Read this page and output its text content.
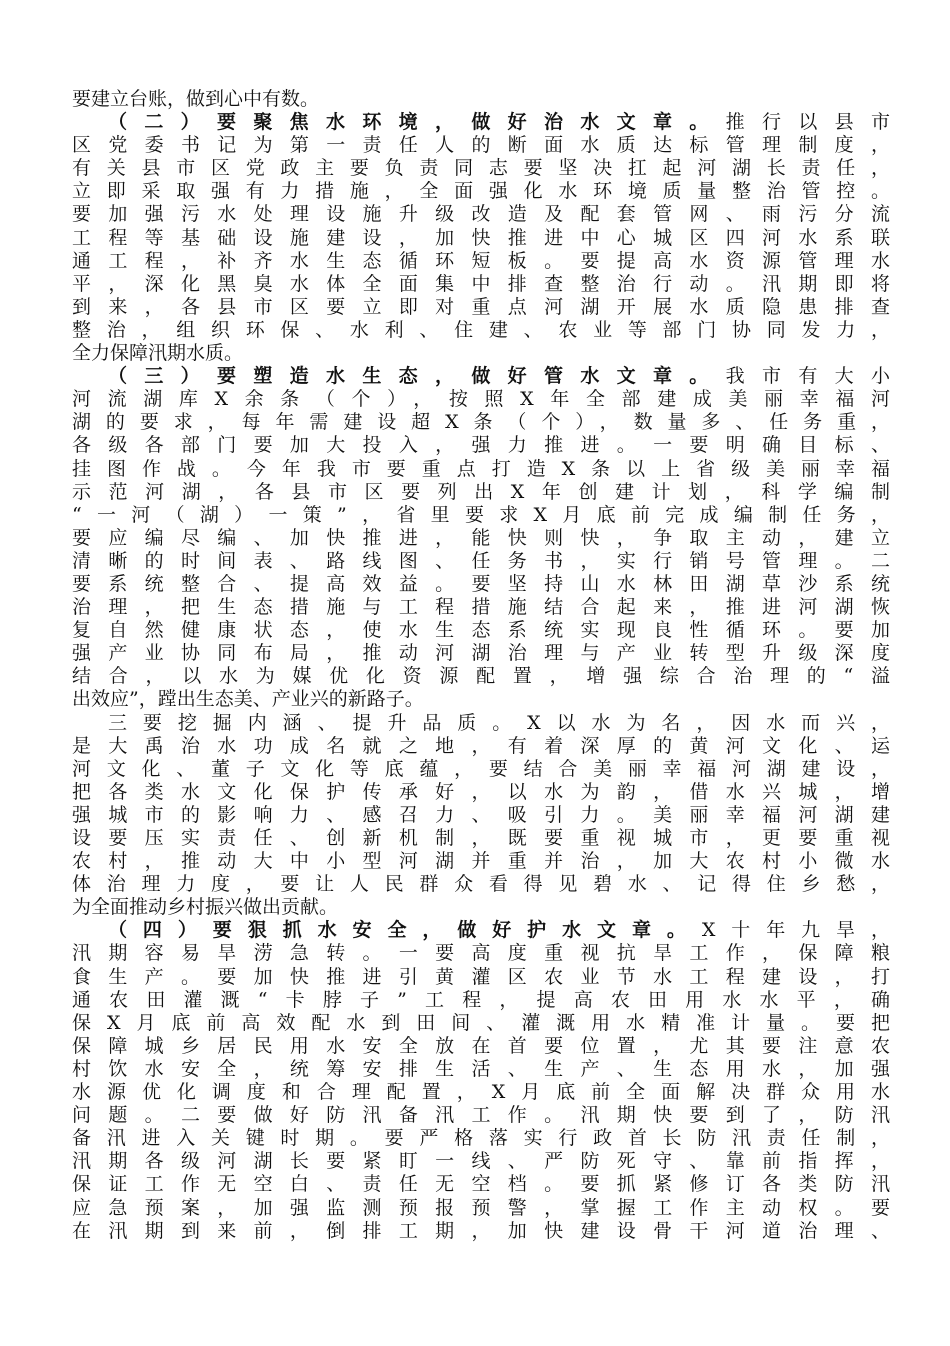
要建立台账，做到心中有数。
（二）要聚焦水环境，做好治水文章。推行以县市
区党委书记为第一责任人的断面水质达标管理制度，
有关县市区党政主要负责同志要坚决扛起河湖长责任，
立即采取强有力措施，全面强化水环境质量整治管控。
要加强污水处理设施升级改造及配套管网、雨污分流
工程等基础设施建设，加快推进中心城区四河水系联
通工程，补齐水生态循环短板。要提高水资源管理水
平，深化黑臭水体全面集中排查整治行动。汛期即将
到来，各县市区要立即对重点河湖开展水质隐患排查
整治，组织环保、水利、住建、农业等部门协同发力，
全力保障汛期水质。
（三）要塑造水生态，做好管水文章。我市有大小
河流湖库X余条（个），按照X年全部建成美丽幸福河
湖的要求，每年需建设超X条（个），数量多、任务重，
各级各部门要加大投入，强力推进。一要明确目标、
挂图作战。今年我市要重点打造X条以上省级美丽幸福
示范河湖，各县市区要列出X年创建计划，科学编制
“一河（湖）一策”，省里要求X月底前完成编制任务，
要应编尽编、加快推进，能快则快，争取主动，建立
清晰的时间表、路线图、任务书，实行销号管理。二
要系统整合、提高效益。要坚持山水林田湖草沙系统
治理，把生态措施与工程措施结合起来，推进河湖恢
复自然健康状态，使水生态系统实现良性循环。要加
强产业协同布局，推动河湖治理与产业转型升级深度
结合，以水为媒优化资源配置，增强综合治理的“溢
出效应”，蹚出生态美、产业兴的新路子。
三要挖掘内涵、提升品质。X以水为名，因水而兴，
是大禹治水功成名就之地，有着深厚的黄河文化、运
河文化、董子文化等底蕴，要结合美丽幸福河湖建设，
把各类水文化保护传承好，以水为韵，借水兴城，增
强城市的影响力、感召力、吸引力。美丽幸福河湖建
设要压实责任、创新机制，既要重视城市，更要重视
农村，推动大中小型河湖并重并治，加大农村小微水
体治理力度，要让人民群众看得见碧水、记得住乡愁，
为全面推动乡村振兴做出贡献。
（四）要狠抓水安全，做好护水文章。X十年九旱，
汛期容易旱涝急转。一要高度重视抗旱工作，保障粮
食生产。要加快推进引黄灌区农业节水工程建设，打
通农田灌溉“卡脖子”工程，提高农田用水水平，确
保X月底前高效配水到田间、灌溉用水精准计量。要把
保障城乡居民用水安全放在首要位置，尤其要注意农
村饮水安全，统筹安排生活、生产、生态用水，加强
水源优化调度和合理配置，X月底前全面解决群众用水
问题。二要做好防汛备汛工作。汛期快要到了，防汛
备汛进入关键时期。要严格落实行政首长防汛责任制，
汛期各级河湖长要紧盯一线、严防死守、靠前指挥，
保证工作无空白、责任无空档。要抓紧修订各类防汛
应急预案，加强监测预报预警，掌握工作主动权。要
在汛期到来前，倒排工期，加快建设骨干河道治理、
